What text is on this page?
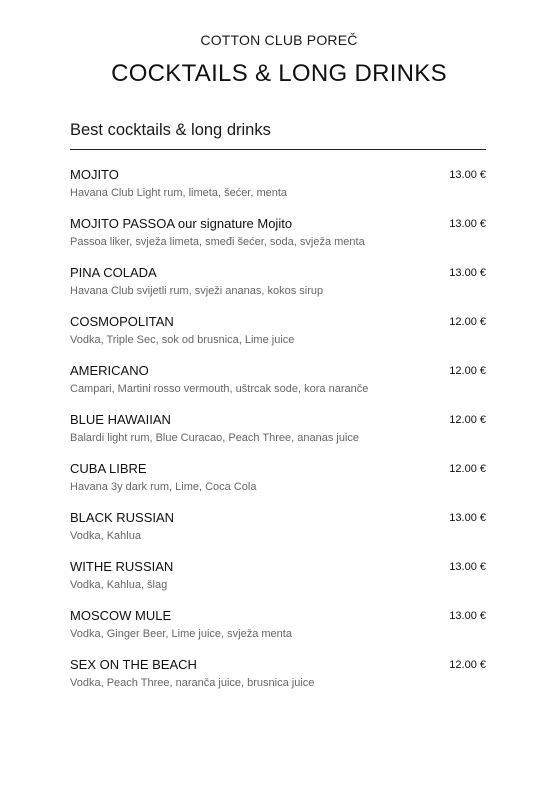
COTTON CLUB POREČ
COCKTAILS & LONG DRINKS
Best cocktails & long drinks
MOJITO
Havana Club Light rum, limeta, šećer, menta
13.00 €
MOJITO PASSOA our signature Mojito
Passoa liker, svježa limeta, smeđi šećer, soda, svježa menta
13.00 €
PINA COLADA
Havana Club svijetli rum, svježi ananas, kokos sirup
13.00 €
COSMOPOLITAN
Vodka, Triple Sec, sok od brusnica, Lime juice
12.00 €
AMERICANO
Campari, Martini rosso vermouth, uštrcak sode, kora naranče
12.00 €
BLUE HAWAIIAN
Balardi light rum, Blue Curacao, Peach Three, ananas juice
12.00 €
CUBA LIBRE
Havana 3y dark rum, Lime, Coca Cola
12.00 €
BLACK RUSSIAN
Vodka, Kahlua
13.00 €
WITHE RUSSIAN
Vodka, Kahlua, šlag
13.00 €
MOSCOW MULE
Vodka, Ginger Beer, Lime juice, svježa menta
13.00 €
SEX ON THE BEACH
Vodka, Peach Three, naranča juice, brusnica juice
12.00 €
